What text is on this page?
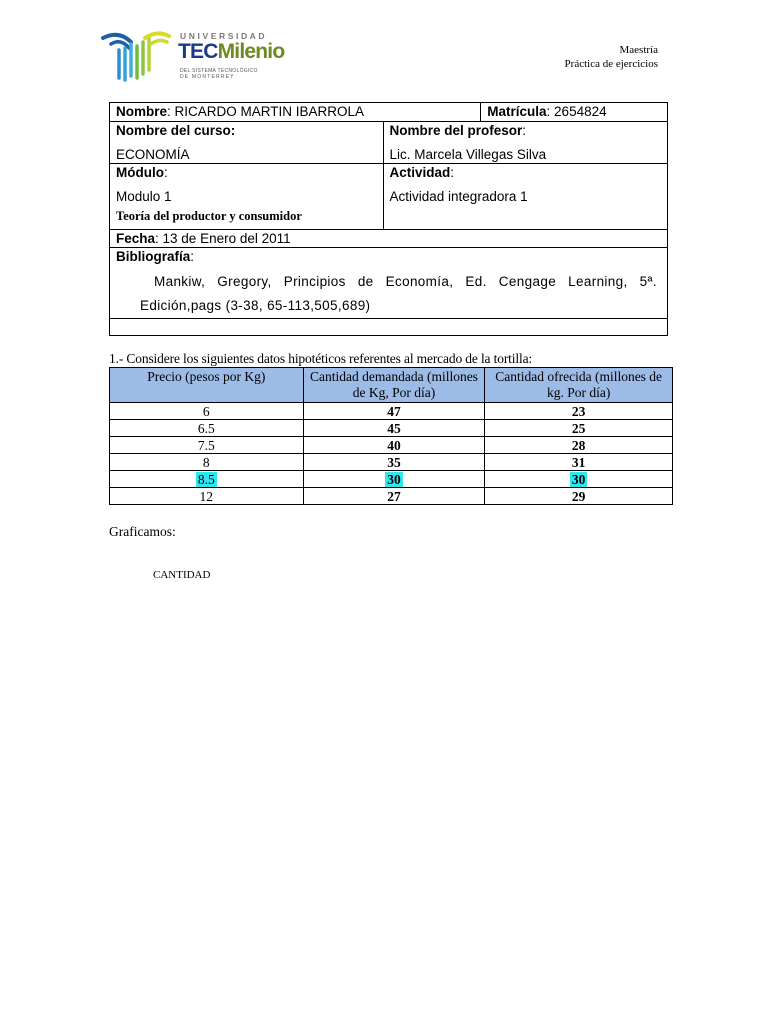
UNIVERSIDAD
TECMilenio
DEL SISTEMA TECNOLÓGICO
DE MONTERREY
Maestría
Práctica de ejercicios
Nombre: RICARDO MARTIN IBARROLA		Matrícula: 2654824
Nombre del curso:
ECONOMÍA	Nombre del profesor:
Lic. Marcela Villegas Silva	
Módulo:
Modulo 1
Teoría del productor y consumidor	Actividad:
Actividad integradora 1	
Fecha: 13 de Enero del 2011		
Bibliografía:
Mankiw, Gregory, Principios de Economía, Ed. Cengage Learning, 5ª.
Edición,pags (3-38, 65-113,505,689)		

1.- Considere los siguientes datos hipotéticos referentes al mercado de la tortilla:
Precio (pesos por Kg)	Cantidad demandada (millones de Kg, Por día)	Cantidad ofrecida (millones de kg. Por día)
6	47	23
6.5	45	25
7.5	40	28
8	35	31
8.5	30	30
12	27	29
Graficamos:
CANTIDAD
